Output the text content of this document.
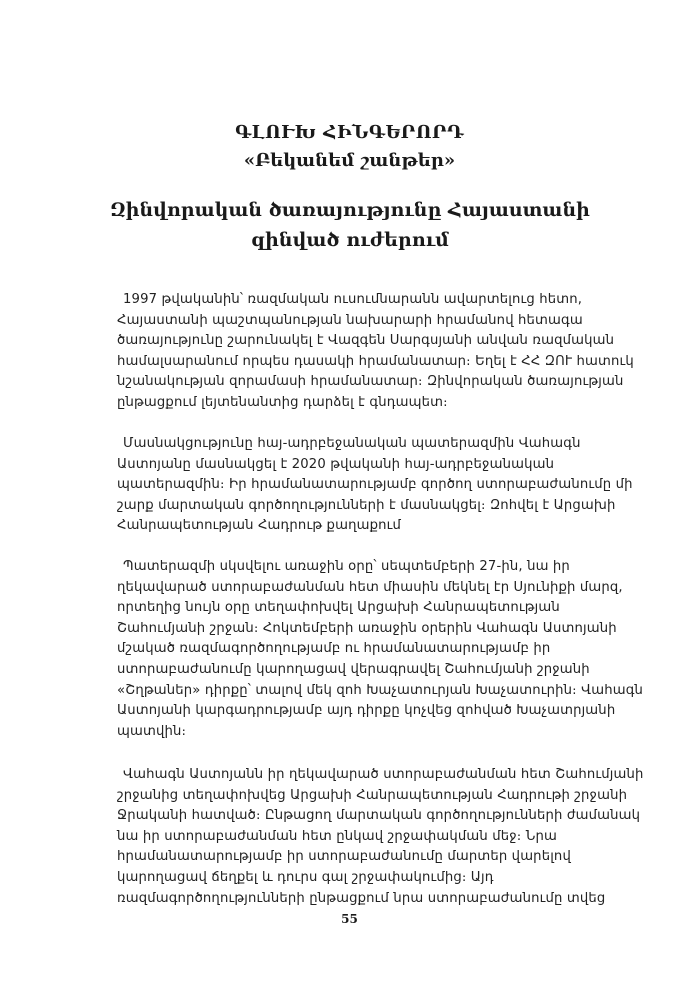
ԳԼՈՒԽ ՀԻՆԳԵՐՈՐԴ
«Բեկանեմ շանթեր»
Զինվորական ծառայությունը Հայաստանի զինված ուժերում

1997 թվականին՝ ռազմական ուսումնարանն ավարտելուց հետո, Հայաստանի պաշտպանության նախարարի հրամանով հետագա ծառայությունը շարունակել է Վազգեն Սարգսյանի անվան ռազմական համալսարանում որպես դասակի հրամանատար։ Եղել է ՀՀ ԶՈՒ հատուկ նշանակության զորամասի հրամանատար։ Զինվորական ծառայության ընթացքում լեյտենանտից դարձել է գնդապետ։

Մասնակցությունը հայ-ադրբեջանական պատերազմին Վահագն Աստոյանը մասնակցել է 2020 թվականի հայ-ադրբեջանական պատերազմին։ Իր հրամանատարությամբ գործող ստորաբաժանումը մի շարք մարտական գործողությունների է մասնակցել։ Զոհվել է Արցախի Հանրապետության Հադրութ քաղաքում

Պատերազմի սկսվելու առաջին օրը՝ սեպտեմբերի 27-ին, նա իր ղեկավարած ստորաբաժանման հետ միասին մեկնել էր Սյունիքի մարզ, որտեղից նույն օրը տեղափոխվել Արցախի Հանրապետության Շահումյանի շրջան։ Հոկտեմբերի առաջին օրերին Վահագն Աստոյանի մշակած ռազմագործողությամբ ու հրամանատարությամբ իր ստորաբաժանումը կարողացավ վերագրավել Շահումյանի շրջանի «Շղթաներ» դիրքը՝ տալով մեկ զոհ Խաչատուրյան Խաչատուրին։ Վահագն Աստոյանի կարգադրությամբ այդ դիրքը կոչվեց զոհված Խաչատրյանի պատվին։

Վահագն Աստոյանն իր ղեկավարած ստորաբաժանման հետ Շահումյանի շրջանից տեղափոխվեց Արցախի Հանրապետության Հադրութի շրջանի Ջրականի հատված։ Ընթացող մարտական գործողությունների ժամանակ նա իր ստորաբաժանման հետ ընկավ շրջափակման մեջ։ Նրա հրամանատարությամբ իր ստորաբաժանումը մարտեր վարելով կարողացավ ճեղքել և դուրս գալ շրջափակումից։ Այդ ռազմագործողությունների ընթացքում նրա ստորաբաժանումը տվեց

55
